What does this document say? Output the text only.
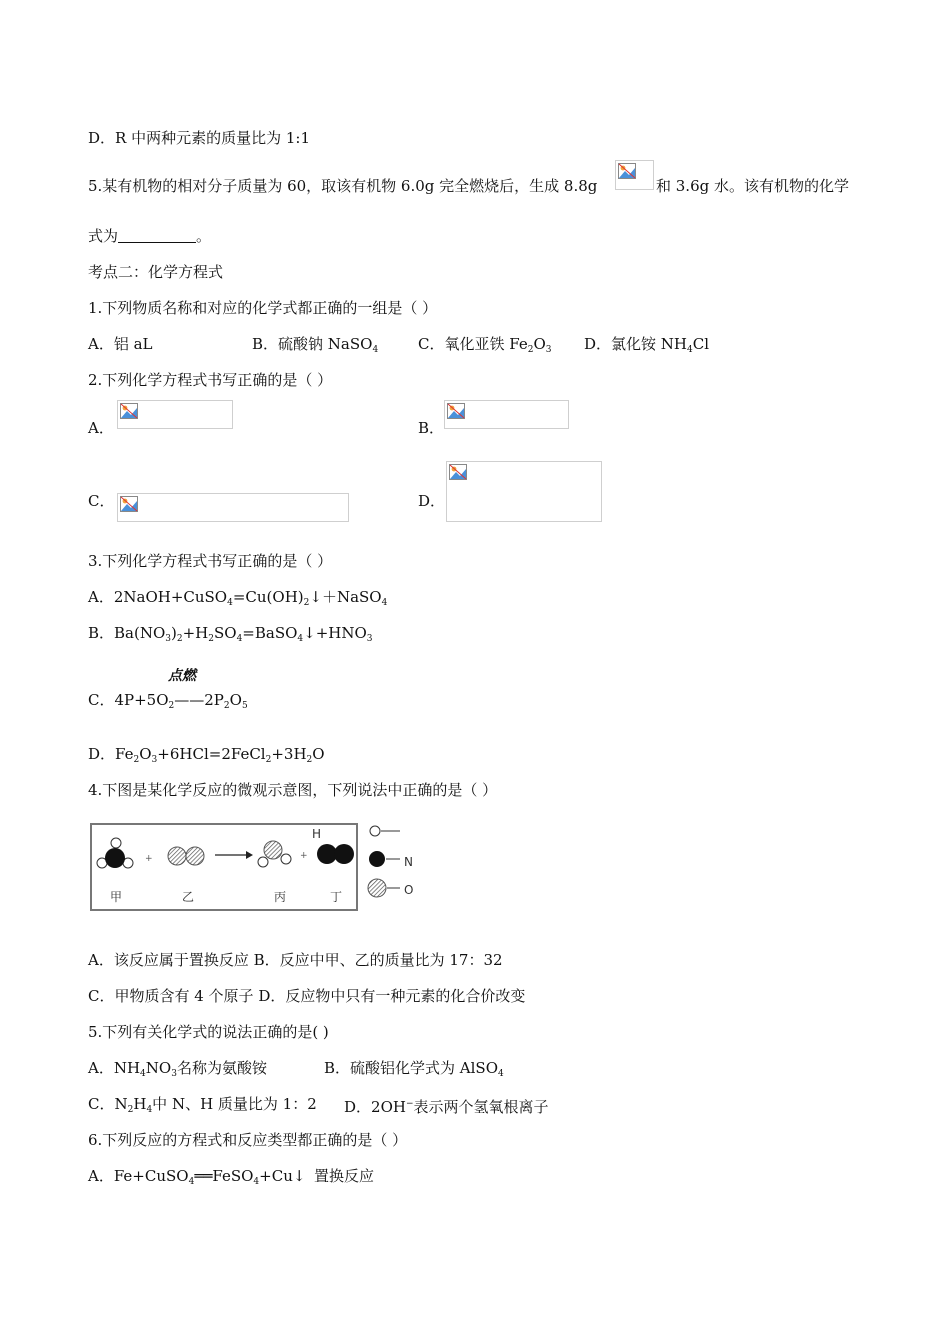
D．R 中两种元素的质量比为 1:1
5.某有机物的相对分子质量为 60，取该有机物 6.0g 完全燃烧后，生成 8.8g	和 3.6g 水。该有机物的化学
式为	。
考点二：化学方程式
1.下列物质名称和对应的化学式都正确的一组是（ ）
A．铝 aL	B．硫酸钠 NaSO$_4$	C．氧化亚铁 $Fe_2O_3$ D．氯化铵 $NH_4Cl$
2.下列化学方程式书写正确的是（ ）
A．	B．
C．	D．
3.下列化学方程式书写正确的是（ ）
A．$2NaOH+CuSO_4=Cu(OH)_2↓+NaSO_4$
B．$Ba(NO_3)_2+H_2SO_4=BaSO_4↓+HNO_3$
点燃
C．$4P+5O_2——2P_2O_5$
D．$Fe_2O_3+6HCl=2FeCl_2+3H_2O$
4.下图是某化学反应的微观示意图，下列说法中正确的是（ ）
+	+
H
N
O
甲	乙	丙	丁
A．该反应属于置换反应 B．反应中甲、乙的质量比为 17：32
C．甲物质含有 4 个原子 D．反应物中只有一种元素的化合价改变
5.下列有关化学式的说法正确的是( )
A．$NH_4NO_3$名称为氨酸铵	B．硫酸铝化学式为 AlSO$_4$
C．$N_2H_4$中 N、H 质量比为 1：2 D．2OH−表示两个氢氧根离子
6.下列反应的方程式和反应类型都正确的是（ ）
A．Fe+CuSO$_4$══FeSO$_4$+Cu↓ 置换反应
